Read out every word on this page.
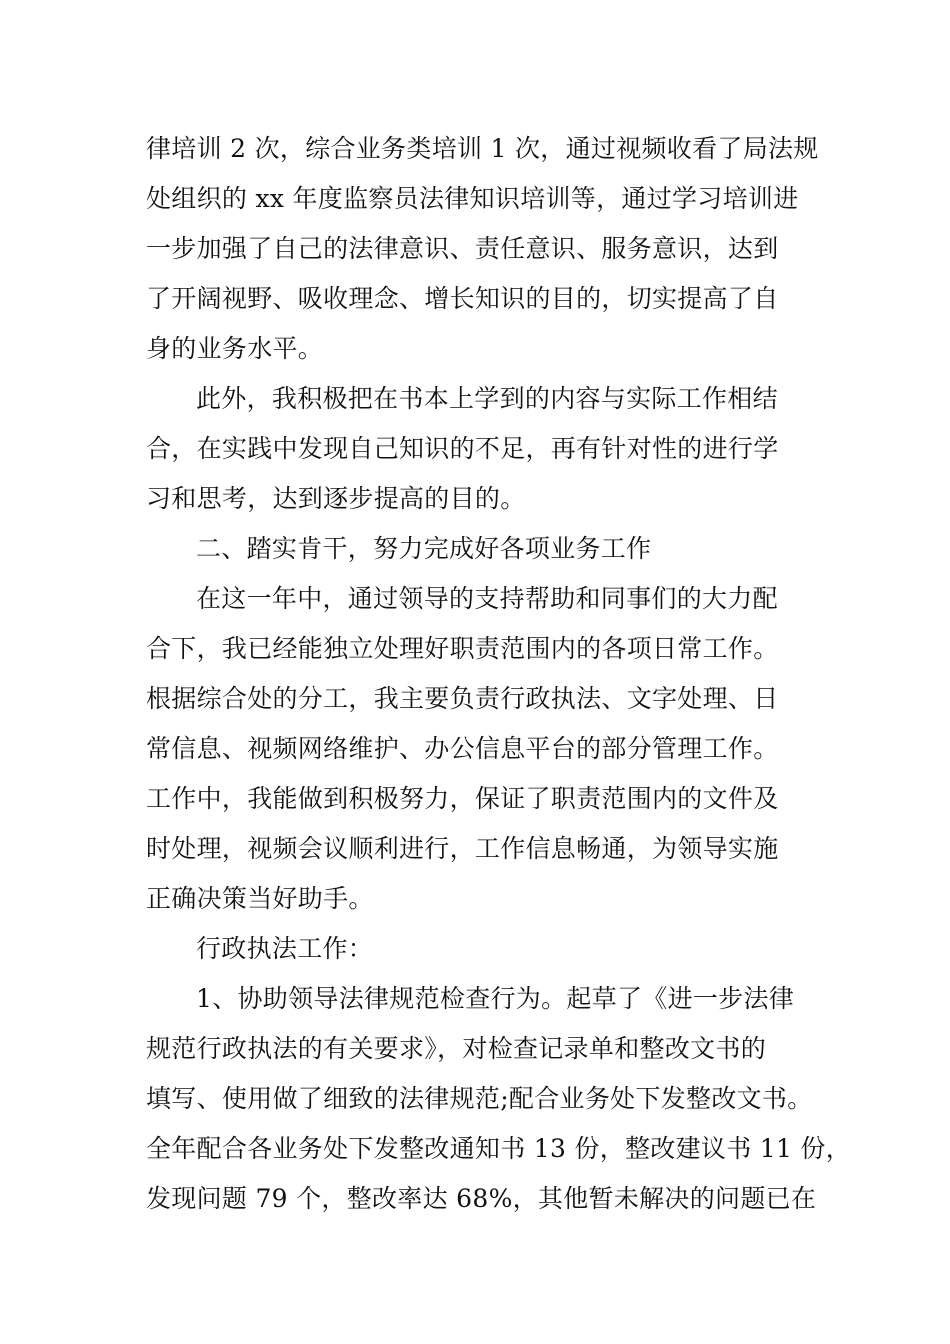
律培训 2 次，综合业务类培训 1 次，通过视频收看了局法规
处组织的 xx 年度监察员法律知识培训等，通过学习培训进
一步加强了自己的法律意识、责任意识、服务意识，达到
了开阔视野、吸收理念、增长知识的目的，切实提高了自
身的业务水平。
此外，我积极把在书本上学到的内容与实际工作相结
合，在实践中发现自己知识的不足，再有针对性的进行学
习和思考，达到逐步提高的目的。
二、踏实肯干，努力完成好各项业务工作
在这一年中，通过领导的支持帮助和同事们的大力配
合下，我已经能独立处理好职责范围内的各项日常工作。
根据综合处的分工，我主要负责行政执法、文字处理、日
常信息、视频网络维护、办公信息平台的部分管理工作。
工作中，我能做到积极努力，保证了职责范围内的文件及
时处理，视频会议顺利进行，工作信息畅通，为领导实施
正确决策当好助手。
行政执法工作：
1、协助领导法律规范检查行为。起草了《进一步法律
规范行政执法的有关要求》，对检查记录单和整改文书的
填写、使用做了细致的法律规范;配合业务处下发整改文书。
全年配合各业务处下发整改通知书 13 份，整改建议书 11 份，
发现问题 79 个，整改率达 68%，其他暂未解决的问题已在
